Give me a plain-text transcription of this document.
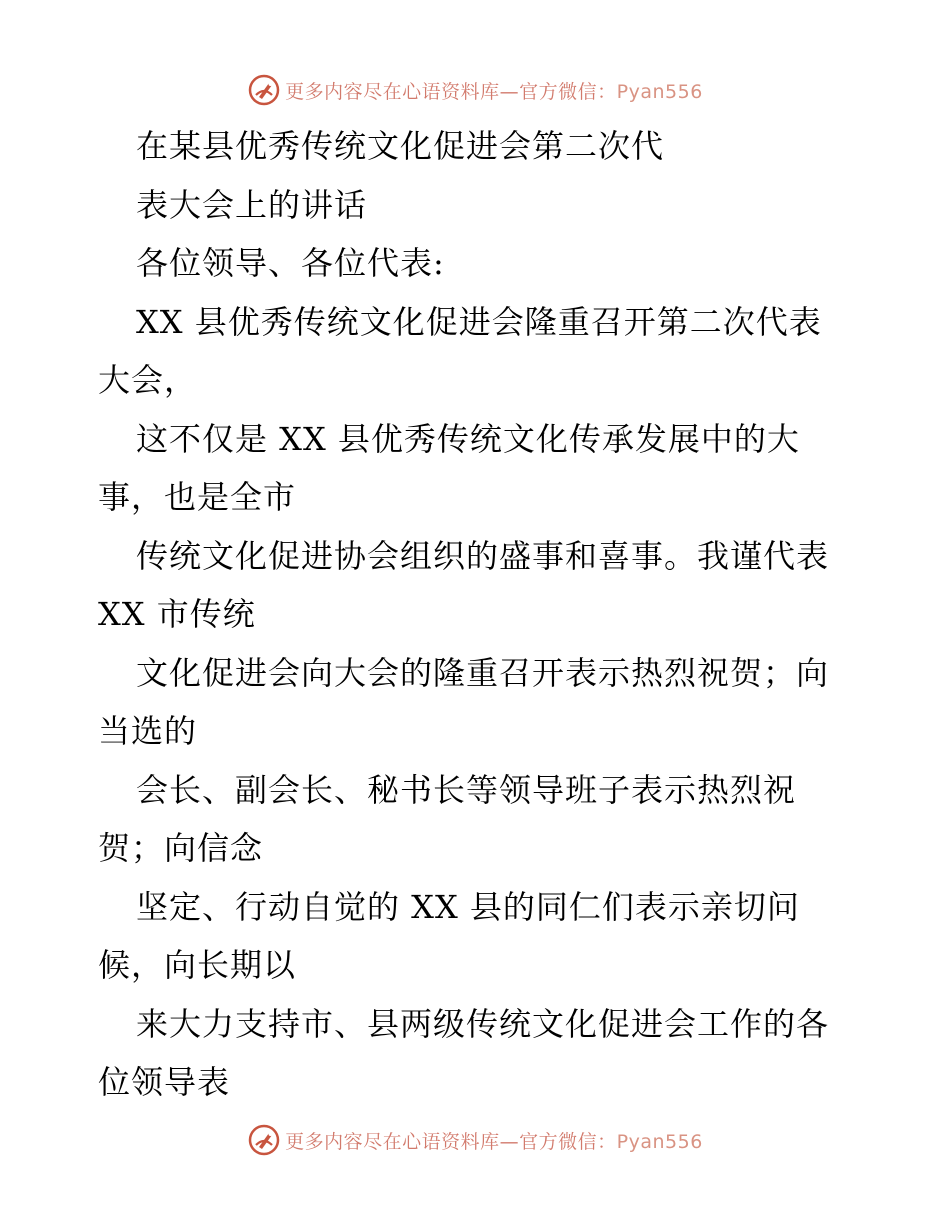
更多内容尽在心语资料库—官方微信：Pyan556
在某县优秀传统文化促进会第二次代
表大会上的讲话
各位领导、各位代表:
XX 县优秀传统文化促进会隆重召开第二次代表
大会，
这不仅是 XX 县优秀传统文化传承发展中的大
事，也是全市
传统文化促进协会组织的盛事和喜事。我谨代表
XX 市传统
文化促进会向大会的隆重召开表示热烈祝贺；向
当选的
会长、副会长、秘书长等领导班子表示热烈祝
贺；向信念
坚定、行动自觉的 XX 县的同仁们表示亲切问
候，向长期以
来大力支持市、县两级传统文化促进会工作的各
位领导表
更多内容尽在心语资料库—官方微信：Pyan556
